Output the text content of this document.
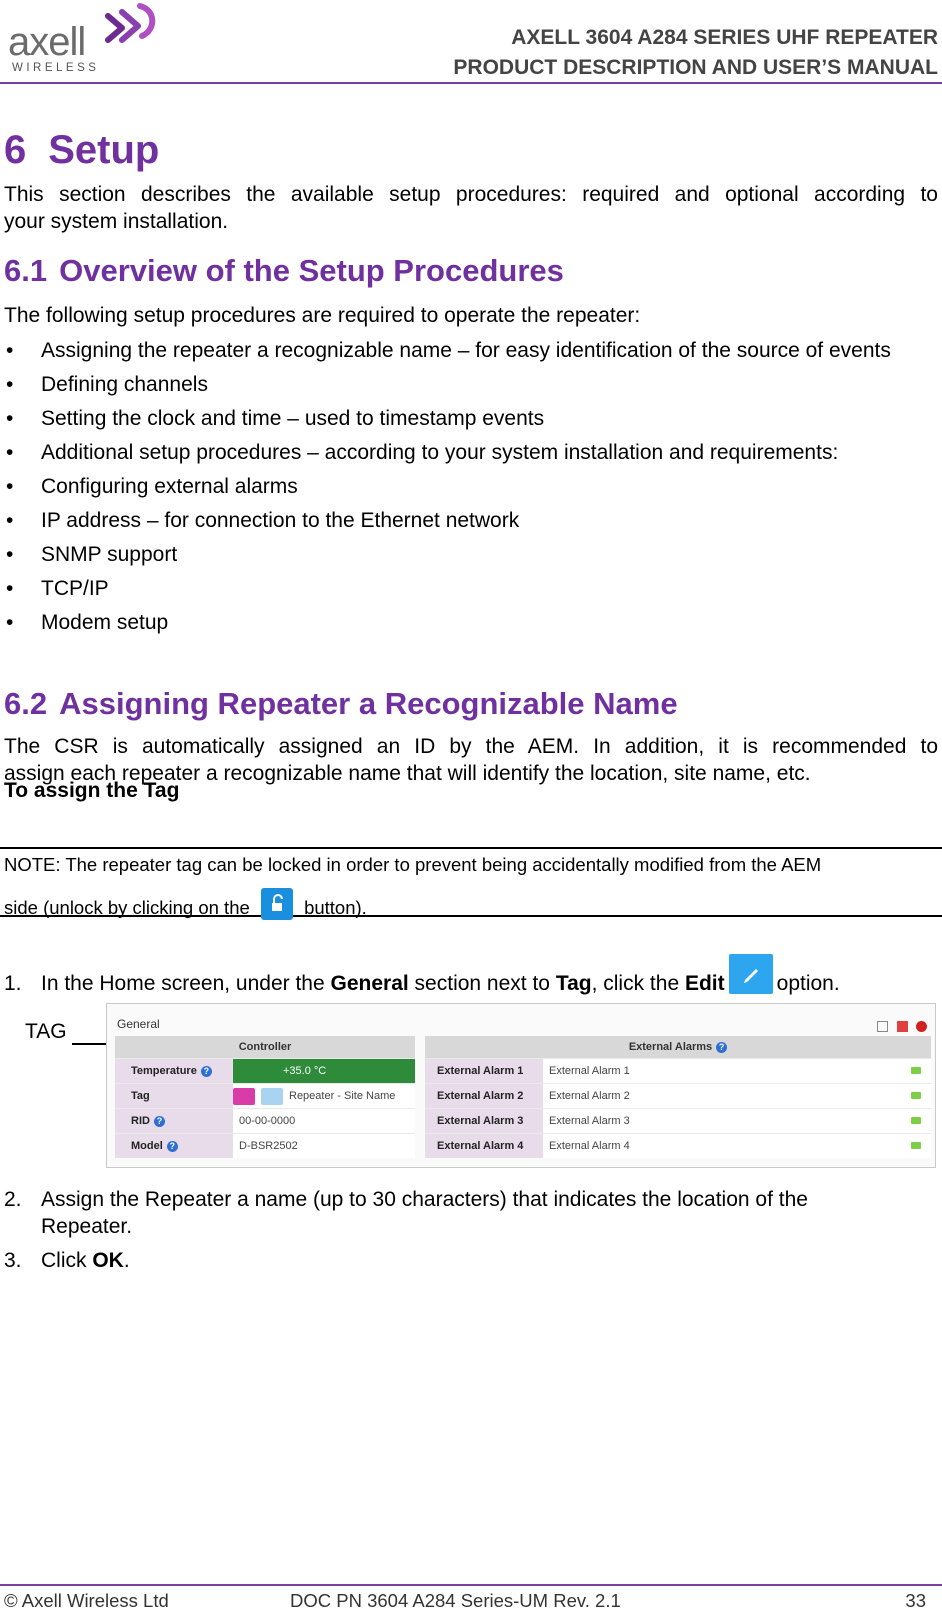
axell
WIRELESS
AXELL 3604 A284 SERIES UHF REPEATER
PRODUCT DESCRIPTION AND USER’S MANUAL
6 Setup
This section describes the available setup procedures: required and optional according to
your system installation.
6.1 Overview of the Setup Procedures
The following setup procedures are required to operate the repeater:
• Assigning the repeater a recognizable name – for easy identification of the source of events
• Defining channels
• Setting the clock and time – used to timestamp events
• Additional setup procedures – according to your system installation and requirements:
• Configuring external alarms
• IP address – for connection to the Ethernet network
• SNMP support
• TCP/IP
• Modem setup
6.2 Assigning Repeater a Recognizable Name
The CSR is automatically assigned an ID by the AEM. In addition, it is recommended to
assign each repeater a recognizable name that will identify the location, site name, etc.
To assign the Tag
NOTE: The repeater tag can be locked in order to prevent being accidentally modified from the AEM
side (unlock by clicking on the	button).
1. In the Home screen, under the General section next to Tag, click the Edit option.
TAG	General

Controller
Temperature ?	+35.0 °C
Tag	Repeater - Site Name
RID ?	00-00-0000
Model ?	D-BSR2502
External Alarms ?
External Alarm 1	External Alarm 1
External Alarm 2	External Alarm 2
External Alarm 3	External Alarm 3
External Alarm 4	External Alarm 4
2. Assign the Repeater a name (up to 30 characters) that indicates the location of the
Repeater.
3. Click OK.
© Axell Wireless Ltd	DOC PN 3604 A284 Series-UM Rev. 2.1	33
